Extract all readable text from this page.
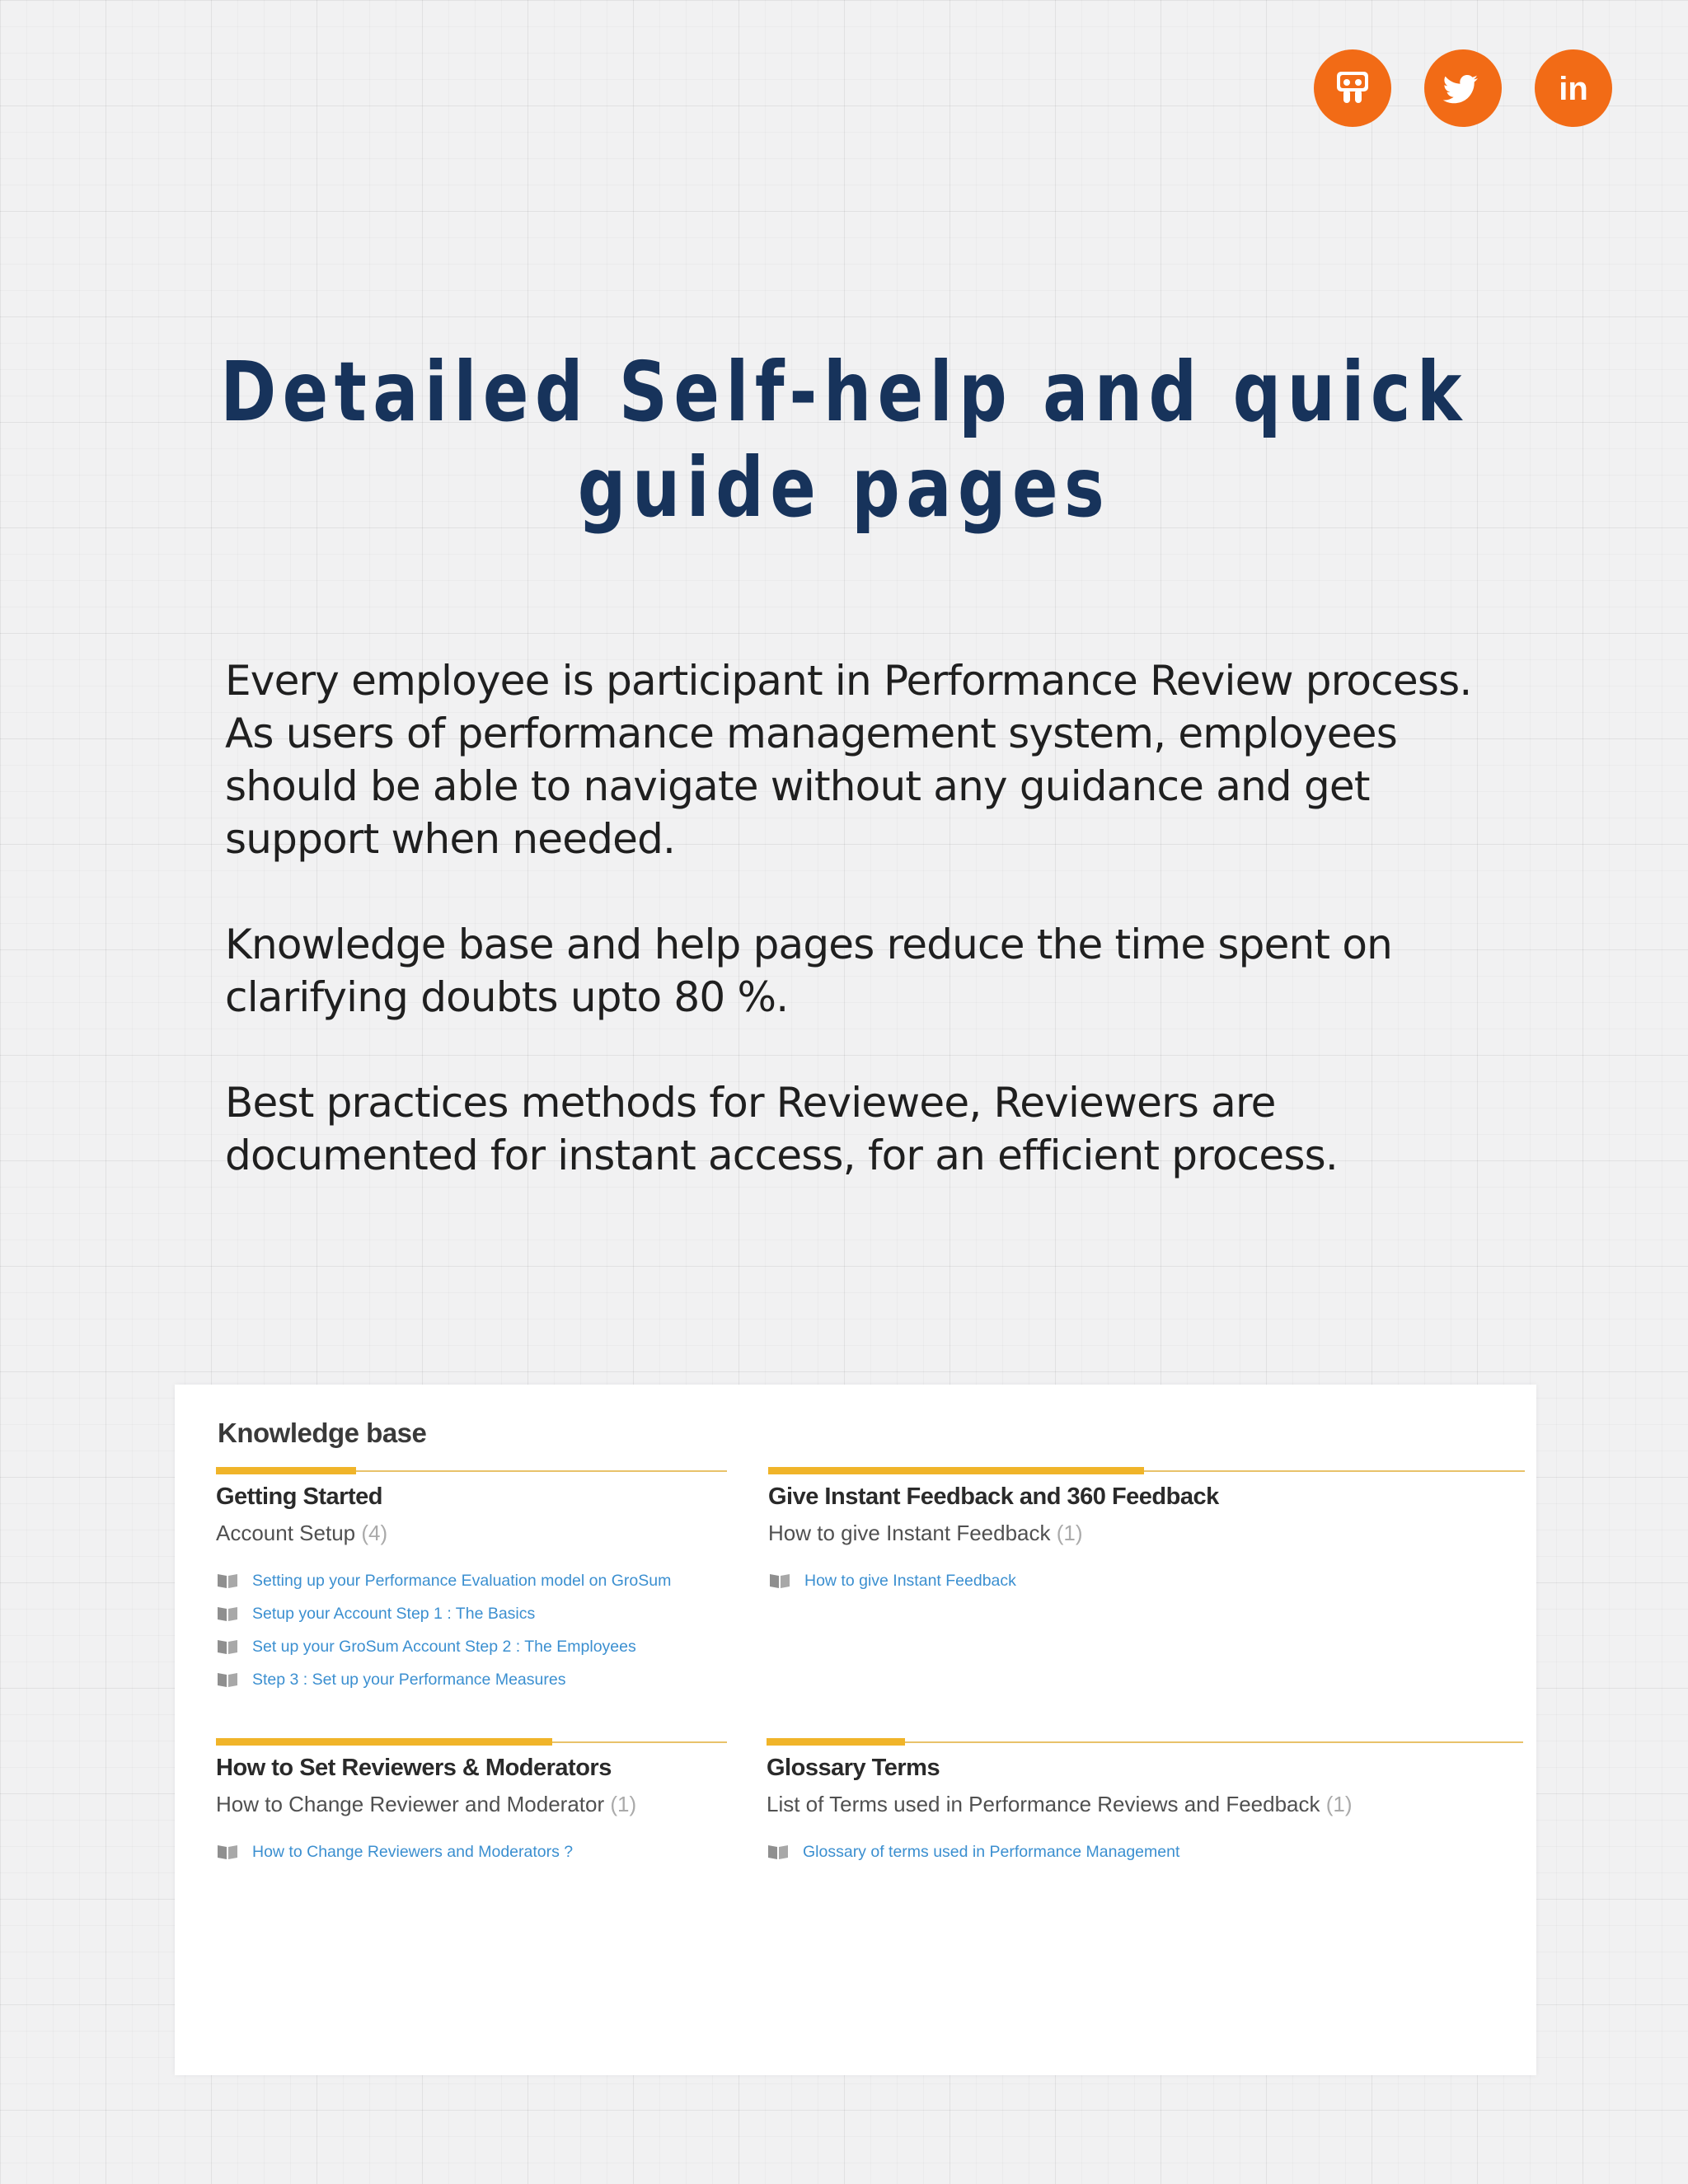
in
Detailed Self-help and quick
guide pages

Every employee is participant in Performance Review process. As users of performance management system, employees should be able to navigate without any guidance and get support when needed.

Knowledge base and help pages reduce the time spent on clarifying doubts upto 80 %.

Best practices methods for Reviewee, Reviewers are documented for instant access, for an efficient process.

Knowledge base
Getting Started
Account Setup (4)
Setting up your Performance Evaluation model on GroSum
Setup your Account Step 1 : The Basics
Set up your GroSum Account Step 2 : The Employees
Step 3 : Set up your Performance Measures
Give Instant Feedback and 360 Feedback
How to give Instant Feedback (1)
How to give Instant Feedback
How to Set Reviewers & Moderators
How to Change Reviewer and Moderator (1)
How to Change Reviewers and Moderators ?
Glossary Terms
List of Terms used in Performance Reviews and Feedback (1)
Glossary of terms used in Performance Management
